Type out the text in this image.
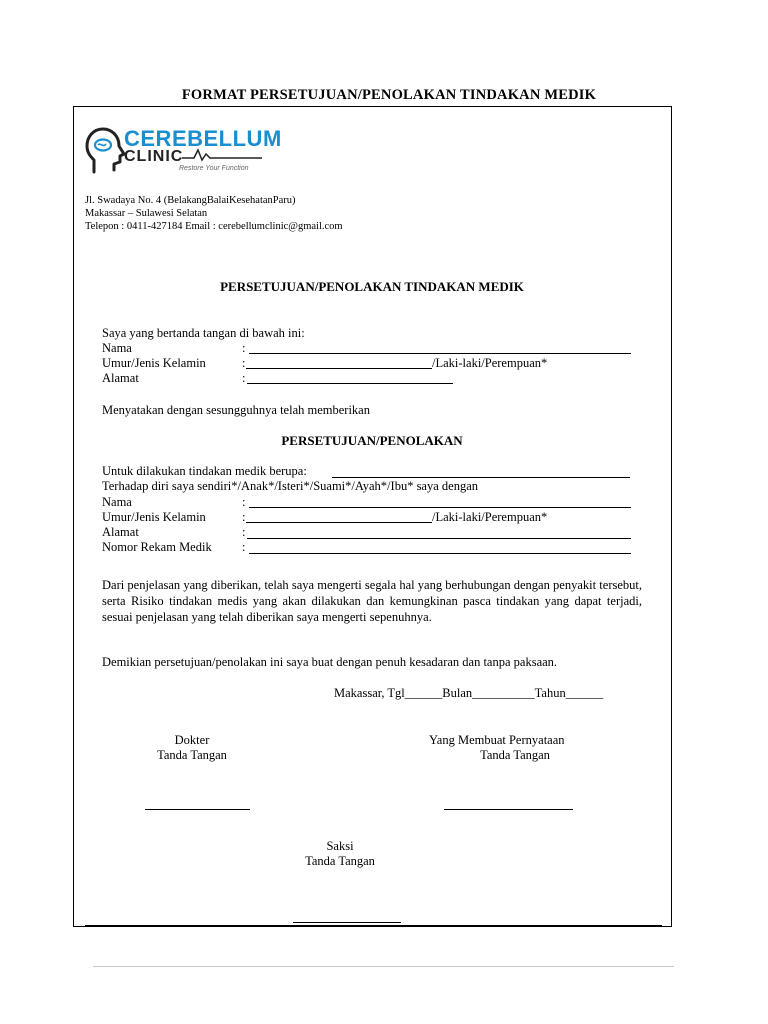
FORMAT PERSETUJUAN/PENOLAKAN TINDAKAN MEDIK
CEREBELLUM
CLINIC
Restore Your Function
Jl. Swadaya No. 4 (BelakangBalaiKesehatanParu)
Makassar – Sulawesi Selatan
Telepon : 0411-427184 Email : cerebellumclinic@gmail.com
PERSETUJUAN/PENOLAKAN TINDAKAN MEDIK
Saya yang bertanda tangan di bawah ini:
Nama	:
Umur/Jenis Kelamin	:	/Laki-laki/Perempuan*
Alamat	:
Menyatakan dengan sesungguhnya telah memberikan
PERSETUJUAN/PENOLAKAN
Untuk dilakukan tindakan medik berupa:
Terhadap diri saya sendiri*/Anak*/Isteri*/Suami*/Ayah*/Ibu* saya dengan
Nama	:
Umur/Jenis Kelamin	:	/Laki-laki/Perempuan*
Alamat	:
Nomor Rekam Medik :
Dari penjelasan yang diberikan, telah saya mengerti segala hal yang berhubungan dengan penyakit tersebut, serta Risiko tindakan medis yang akan dilakukan dan kemungkinan pasca tindakan yang dapat terjadi, sesuai penjelasan yang telah diberikan saya mengerti sepenuhnya.
Demikian persetujuan/penolakan ini saya buat dengan penuh kesadaran dan tanpa paksaan.
Makassar, Tgl______Bulan__________Tahun______
Dokter
Tanda Tangan
Yang Membuat Pernyataan
Tanda Tangan
Saksi
Tanda Tangan
